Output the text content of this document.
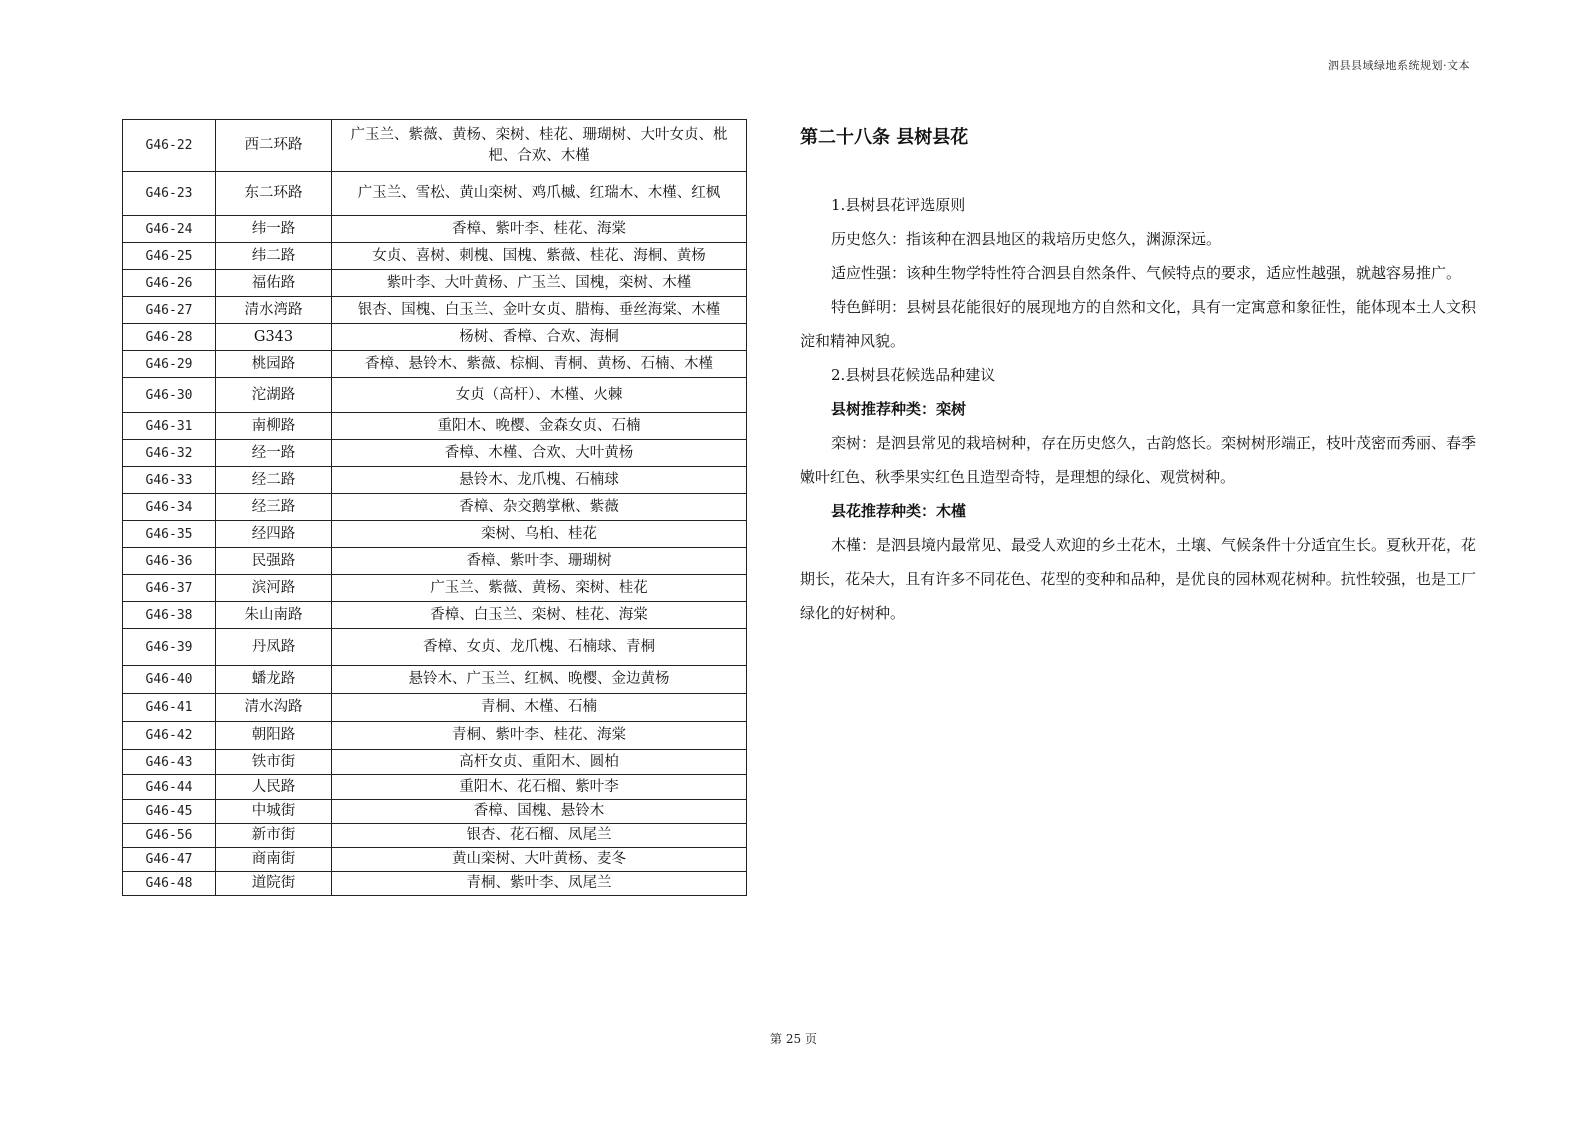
泗县县域绿地系统规划·文本
G46-22	西二环路	广玉兰、紫薇、黄杨、栾树、桂花、珊瑚树、大叶女贞、枇杷、合欢、木槿
G46-23	东二环路	广玉兰、雪松、黄山栾树、鸡爪槭、红瑞木、木槿、红枫
G46-24	纬一路	香樟、紫叶李、桂花、海棠
G46-25	纬二路	女贞、喜树、刺槐、国槐、紫薇、桂花、海桐、黄杨
G46-26	福佑路	紫叶李、大叶黄杨、广玉兰、国槐，栾树、木槿
G46-27	清水湾路	银杏、国槐、白玉兰、金叶女贞、腊梅、垂丝海棠、木槿
G46-28	G343	杨树、香樟、合欢、海桐
G46-29	桃园路	香樟、悬铃木、紫薇、棕榈、青桐、黄杨、石楠、木槿
G46-30	沱湖路	女贞（高杆）、木槿、火棘
G46-31	南柳路	重阳木、晚樱、金森女贞、石楠
G46-32	经一路	香樟、木槿、合欢、大叶黄杨
G46-33	经二路	悬铃木、龙爪槐、石楠球
G46-34	经三路	香樟、杂交鹅掌楸、紫薇
G46-35	经四路	栾树、乌桕、桂花
G46-36	民强路	香樟、紫叶李、珊瑚树
G46-37	滨河路	广玉兰、紫薇、黄杨、栾树、桂花
G46-38	朱山南路	香樟、白玉兰、栾树、桂花、海棠
G46-39	丹凤路	香樟、女贞、龙爪槐、石楠球、青桐
G46-40	蟠龙路	悬铃木、广玉兰、红枫、晚樱、金边黄杨
G46-41	清水沟路	青桐、木槿、石楠
G46-42	朝阳路	青桐、紫叶李、桂花、海棠
G46-43	铁市街	高杆女贞、重阳木、圆柏
G46-44	人民路	重阳木、花石榴、紫叶李
G46-45	中城街	香樟、国槐、悬铃木
G46-56	新市街	银杏、花石榴、凤尾兰
G46-47	商南街	黄山栾树、大叶黄杨、麦冬
G46-48	道院街	青桐、紫叶李、凤尾兰
第二十八条 县树县花

1.县树县花评选原则

历史悠久：指该种在泗县地区的栽培历史悠久，渊源深远。

适应性强：该种生物学特性符合泗县自然条件、气候特点的要求，适应性越强，就越容易推广。

特色鲜明：县树县花能很好的展现地方的自然和文化，具有一定寓意和象征性，能体现本土人文积淀和精神风貌。

2.县树县花候选品种建议

县树推荐种类：栾树

栾树：是泗县常见的栽培树种，存在历史悠久，古韵悠长。栾树树形端正，枝叶茂密而秀丽、春季嫩叶红色、秋季果实红色且造型奇特，是理想的绿化、观赏树种。

县花推荐种类：木槿

木槿：是泗县境内最常见、最受人欢迎的乡土花木，土壤、气候条件十分适宜生长。夏秋开花，花期长，花朵大，且有许多不同花色、花型的变种和品种，是优良的园林观花树种。抗性较强，也是工厂绿化的好树种。

第 25 页
